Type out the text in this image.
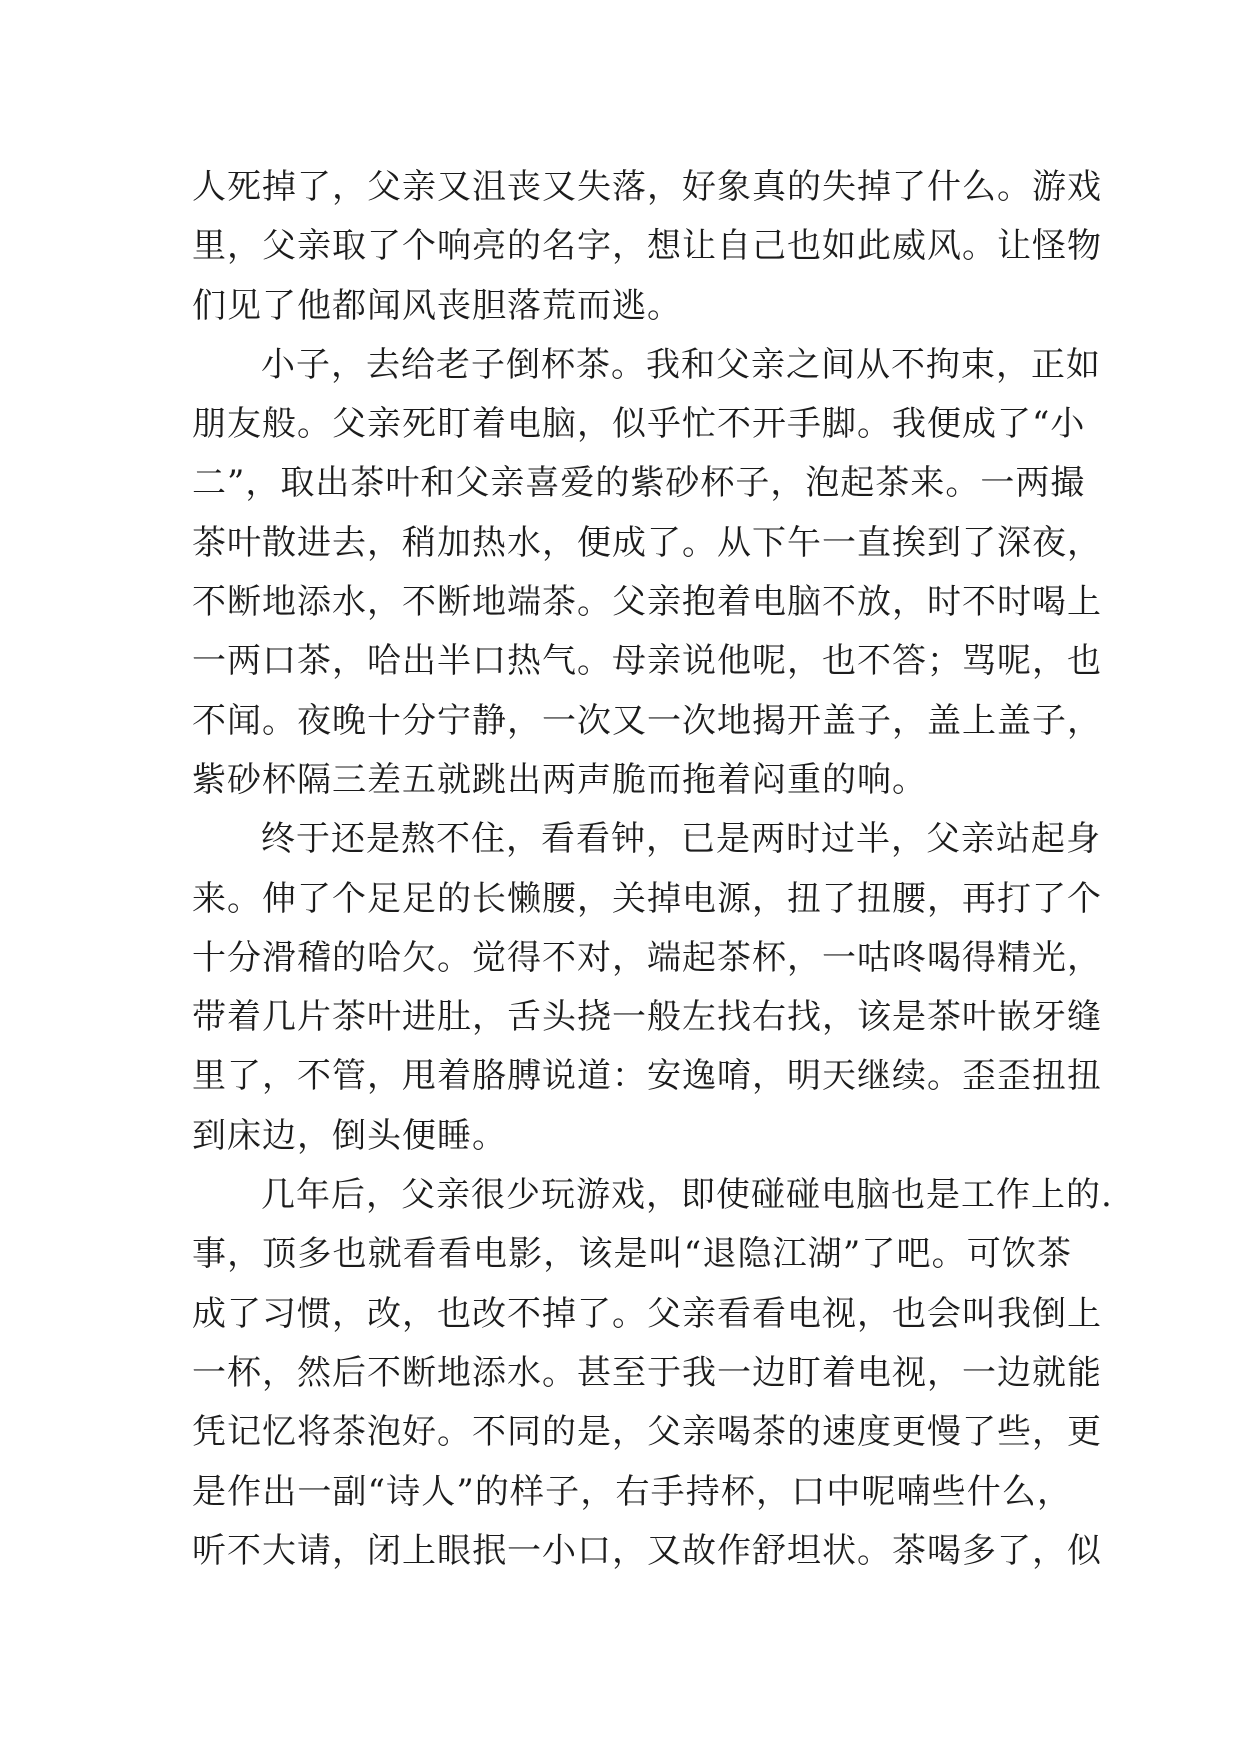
人死掉了，父亲又沮丧又失落，好象真的失掉了什么。游戏
里，父亲取了个响亮的名字，想让自己也如此威风。让怪物
们见了他都闻风丧胆落荒而逃。
小子，去给老子倒杯茶。我和父亲之间从不拘束，正如
朋友般。父亲死盯着电脑，似乎忙不开手脚。我便成了“小
二”，取出茶叶和父亲喜爱的紫砂杯子，泡起茶来。一两撮
茶叶散进去，稍加热水，便成了。从下午一直挨到了深夜，
不断地添水，不断地端茶。父亲抱着电脑不放，时不时喝上
一两口茶，哈出半口热气。母亲说他呢，也不答；骂呢，也
不闻。夜晚十分宁静，一次又一次地揭开盖子，盖上盖子，
紫砂杯隔三差五就跳出两声脆而拖着闷重的响。
终于还是熬不住，看看钟，已是两时过半，父亲站起身
来。伸了个足足的长懒腰，关掉电源，扭了扭腰，再打了个
十分滑稽的哈欠。觉得不对，端起茶杯，一咕咚喝得精光，
带着几片茶叶进肚，舌头挠一般左找右找，该是茶叶嵌牙缝
里了，不管，甩着胳膊说道：安逸唷，明天继续。歪歪扭扭
到床边，倒头便睡。
几年后，父亲很少玩游戏，即使碰碰电脑也是工作上的.
事，顶多也就看看电影，该是叫“退隐江湖”了吧。可饮茶
成了习惯，改，也改不掉了。父亲看看电视，也会叫我倒上
一杯，然后不断地添水。甚至于我一边盯着电视，一边就能
凭记忆将茶泡好。不同的是，父亲喝茶的速度更慢了些，更
是作出一副“诗人”的样子，右手持杯，口中呢喃些什么，
听不大请，闭上眼抿一小口，又故作舒坦状。茶喝多了，似
